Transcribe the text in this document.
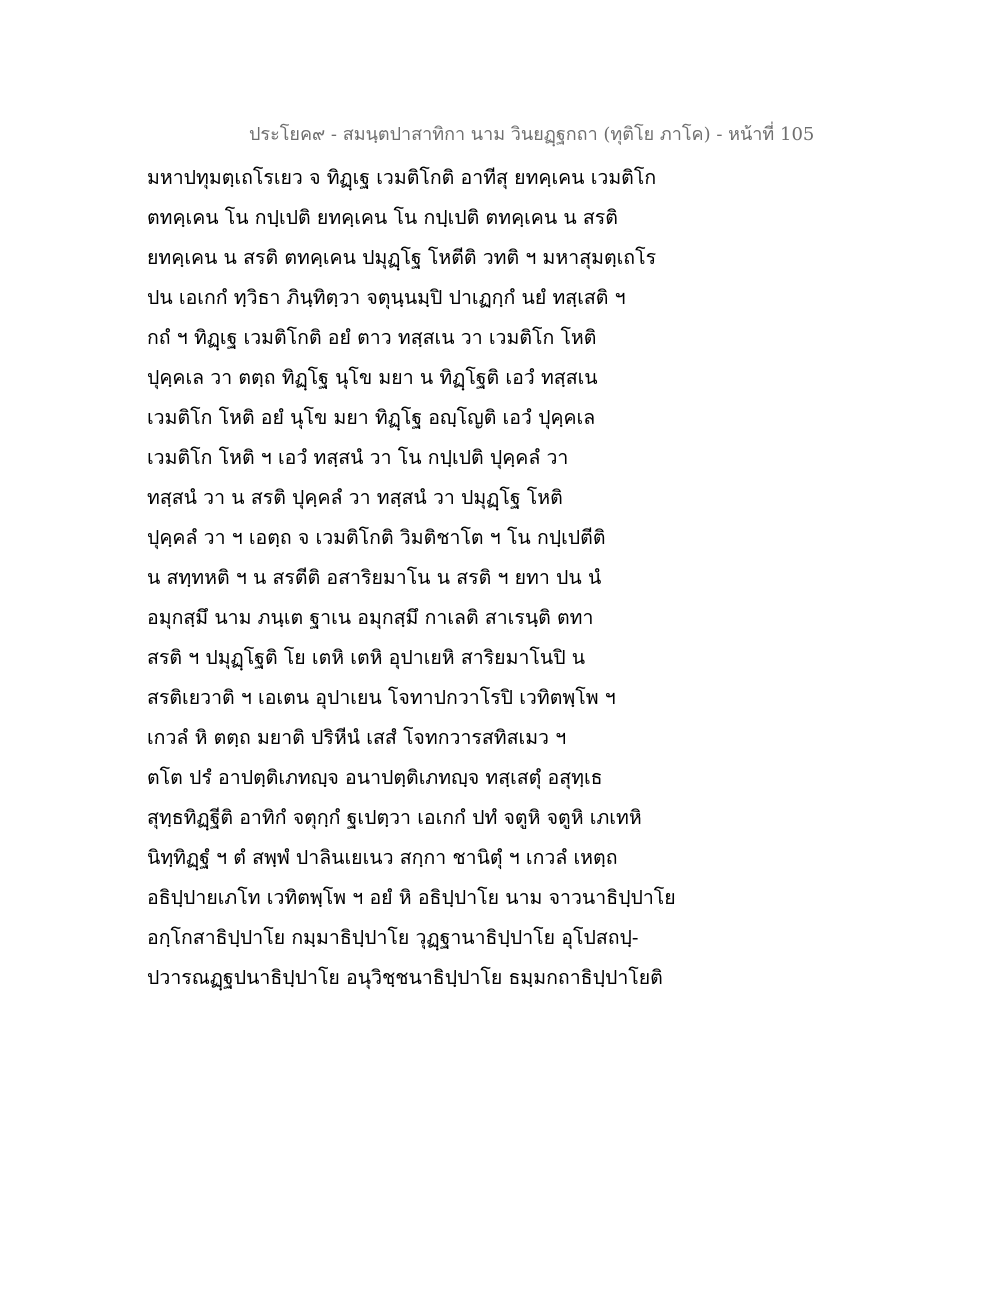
ประโยค๙ - สมนฺตปาสาทิกา นาม วินยฏฺฐกถา (ทุติโย ภาโค) - หน้าที่ 105
มหาปทุมตฺเถโรเยว จ ทิฏฺเฐ เวมติโกติ อาทีสุ ยทคฺเคน เวมติโก
ตทคฺเคน โน กปฺเปติ ยทคฺเคน โน กปฺเปติ ตทคฺเคน น สรติ
ยทคฺเคน น สรติ ตทคฺเคน ปมุฏฺโฐ โหตีติ วทติ ฯ มหาสุมตฺเถโร
ปน เอเกกํ ทฺวิธา ภินฺทิตฺวา จตุนฺนมฺปิ ปาเฏกฺกํ นยํ ทสฺเสติ ฯ
กถํ ฯ ทิฏฺเฐ เวมติโกติ อยํ ตาว ทสฺสเน วา เวมติโก โหติ
ปุคฺคเล วา ตตฺถ ทิฏฺโฐ นุโข มยา น ทิฏฺโฐติ เอวํ ทสฺสเน
เวมติโก โหติ อยํ นุโข มยา ทิฏฺโฐ อญฺโญติ เอวํ ปุคฺคเล
เวมติโก โหติ ฯ เอวํ ทสฺสนํ วา โน กปฺเปติ ปุคฺคลํ วา
ทสฺสนํ วา น สรติ ปุคฺคลํ วา ทสฺสนํ วา ปมุฏฺโฐ โหติ
ปุคฺคลํ วา ฯ เอตฺถ จ เวมติโกติ วิมติชาโต ฯ โน กปฺเปตีติ
น สทฺทหติ ฯ น สรตีติ อสาริยมาโน น สรติ ฯ ยทา ปน นํ
อมุกสฺมึ นาม ภนฺเต ฐาเน อมุกสฺมึ กาเลติ สาเรนฺติ ตทา
สรติ ฯ ปมุฏฺโฐติ โย เตหิ เตหิ อุปาเยหิ สาริยมาโนปิ น
สรติเยวาติ ฯ เอเตน อุปาเยน โจทาปกวาโรปิ เวทิตพฺโพ ฯ
เกวลํ หิ ตตฺถ มยาติ ปริหีนํ เสสํ โจทกวารสทิสเมว ฯ
ตโต ปรํ อาปตฺติเภทญฺจ อนาปตฺติเภทญฺจ ทสฺเสตุํ อสุทฺเธ
สุทฺธทิฏฺฐีติ อาทิกํ จตุกฺกํ ฐเปตฺวา เอเกกํ ปทํ จตูหิ จตูหิ เภเทหิ
นิทฺทิฏฺฐํ ฯ ตํ สพฺพํ ปาลินเยเนว สกฺกา ชานิตุํ ฯ เกวลํ เหตฺถ
อธิปฺปายเภโท เวทิตพฺโพ ฯ อยํ หิ อธิปฺปาโย นาม จาวนาธิปฺปาโย
อกฺโกสาธิปฺปาโย กมฺมาธิปฺปาโย วุฏฺฐานาธิปฺปาโย อุโปสถปฺ-
ปวารณฏฺฐปนาธิปฺปาโย อนุวิชฺชนาธิปฺปาโย ธมฺมกถาธิปฺปาโยติ
